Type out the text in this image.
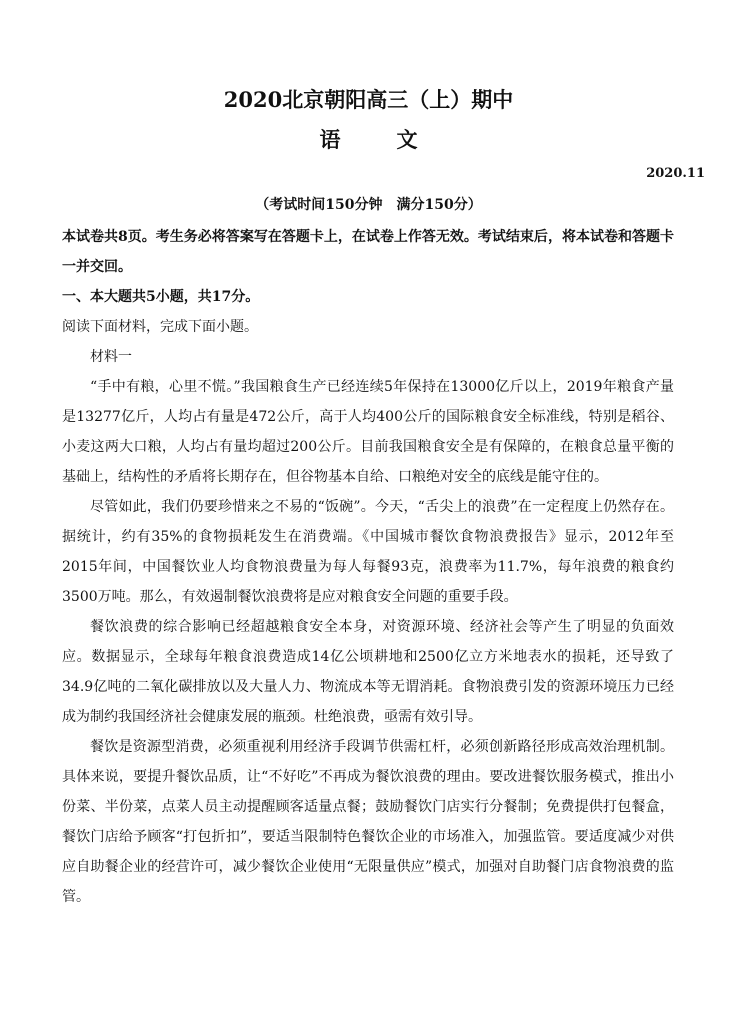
2020北京朝阳高三（上）期中
语	文
2020.11
（考试时间150分钟　满分150分）

本试卷共8页。考生务必将答案写在答题卡上，在试卷上作答无效。考试结束后，将本试卷和答题卡一并交回。

一、本大题共5小题，共17分。

阅读下面材料，完成下面小题。

材料一

“手中有粮，心里不慌。”我国粮食生产已经连续5年保持在13000亿斤以上，2019年粮食产量是13277亿斤，人均占有量是472公斤，高于人均400公斤的国际粮食安全标准线，特别是稻谷、小麦这两大口粮，人均占有量均超过200公斤。目前我国粮食安全是有保障的，在粮食总量平衡的基础上，结构性的矛盾将长期存在，但谷物基本自给、口粮绝对安全的底线是能守住的。

尽管如此，我们仍要珍惜来之不易的“饭碗”。今天，“舌尖上的浪费”在一定程度上仍然存在。据统计，约有35%的食物损耗发生在消费端。《中国城市餐饮食物浪费报告》显示，2012年至2015年间，中国餐饮业人均食物浪费量为每人每餐93克，浪费率为11.7%，每年浪费的粮食约3500万吨。那么，有效遏制餐饮浪费将是应对粮食安全问题的重要手段。

餐饮浪费的综合影响已经超越粮食安全本身，对资源环境、经济社会等产生了明显的负面效应。数据显示，全球每年粮食浪费造成14亿公顷耕地和2500亿立方米地表水的损耗，还导致了34.9亿吨的二氧化碳排放以及大量人力、物流成本等无谓消耗。食物浪费引发的资源环境压力已经成为制约我国经济社会健康发展的瓶颈。杜绝浪费，亟需有效引导。

餐饮是资源型消费，必须重视利用经济手段调节供需杠杆，必须创新路径形成高效治理机制。具体来说，要提升餐饮品质，让“不好吃”不再成为餐饮浪费的理由。要改进餐饮服务模式，推出小份菜、半份菜，点菜人员主动提醒顾客适量点餐；鼓励餐饮门店实行分餐制；免费提供打包餐盒，餐饮门店给予顾客“打包折扣”，要适当限制特色餐饮企业的市场准入，加强监管。要适度减少对供应自助餐企业的经营许可，减少餐饮企业使用“无限量供应”模式，加强对自助餐门店食物浪费的监管。
